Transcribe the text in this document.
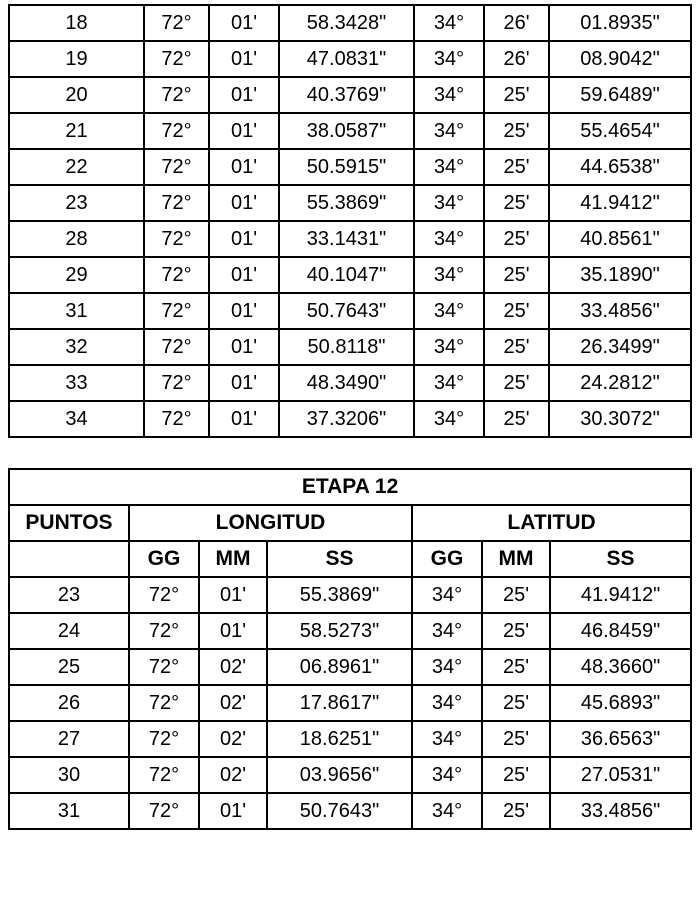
18	72°	01'	58.3428"	34°	26'	01.8935"
19	72°	01'	47.0831"	34°	26'	08.9042"
20	72°	01'	40.3769"	34°	25'	59.6489"
21	72°	01'	38.0587"	34°	25'	55.4654"
22	72°	01'	50.5915"	34°	25'	44.6538"
23	72°	01'	55.3869"	34°	25'	41.9412"
28	72°	01'	33.1431"	34°	25'	40.8561"
29	72°	01'	40.1047"	34°	25'	35.1890"
31	72°	01'	50.7643"	34°	25'	33.4856"
32	72°	01'	50.8118"	34°	25'	26.3499"
33	72°	01'	48.3490"	34°	25'	24.2812"
34	72°	01'	37.3206"	34°	25'	30.3072"
ETAPA 12						
PUNTOS	LONGITUD			LATITUD		
	GG	MM	SS	GG	MM	SS
23	72°	01'	55.3869"	34°	25'	41.9412"
24	72°	01'	58.5273"	34°	25'	46.8459"
25	72°	02'	06.8961"	34°	25'	48.3660"
26	72°	02'	17.8617"	34°	25'	45.6893"
27	72°	02'	18.6251"	34°	25'	36.6563"
30	72°	02'	03.9656"	34°	25'	27.0531"
31	72°	01'	50.7643"	34°	25'	33.4856"
